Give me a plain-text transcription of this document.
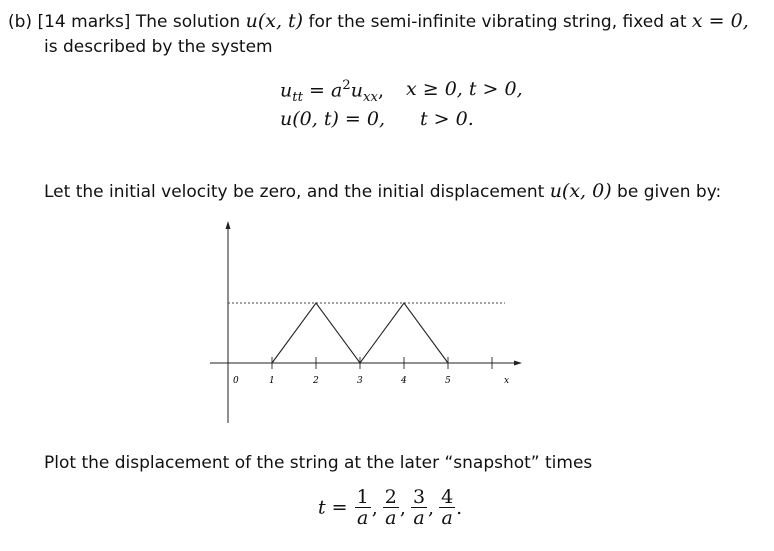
(b) [14 marks] The solution u(x, t) for the semi-infinite vibrating string, fixed at x = 0,
is described by the system
$u_{tt} = a^2u_{xx}$, x ≥ 0, t > 0,
u(0, t) = 0, t > 0.
Let the initial velocity be zero, and the initial displacement u(x, 0) be given by:
0	1	2	3	4	5	x
Plot the displacement of the string at the later “snapshot” times
$t = \frac{1}{a}$ , $\frac{2}{a}$ , $\frac{3}{a}$ , $\frac{4}{a}$ .
